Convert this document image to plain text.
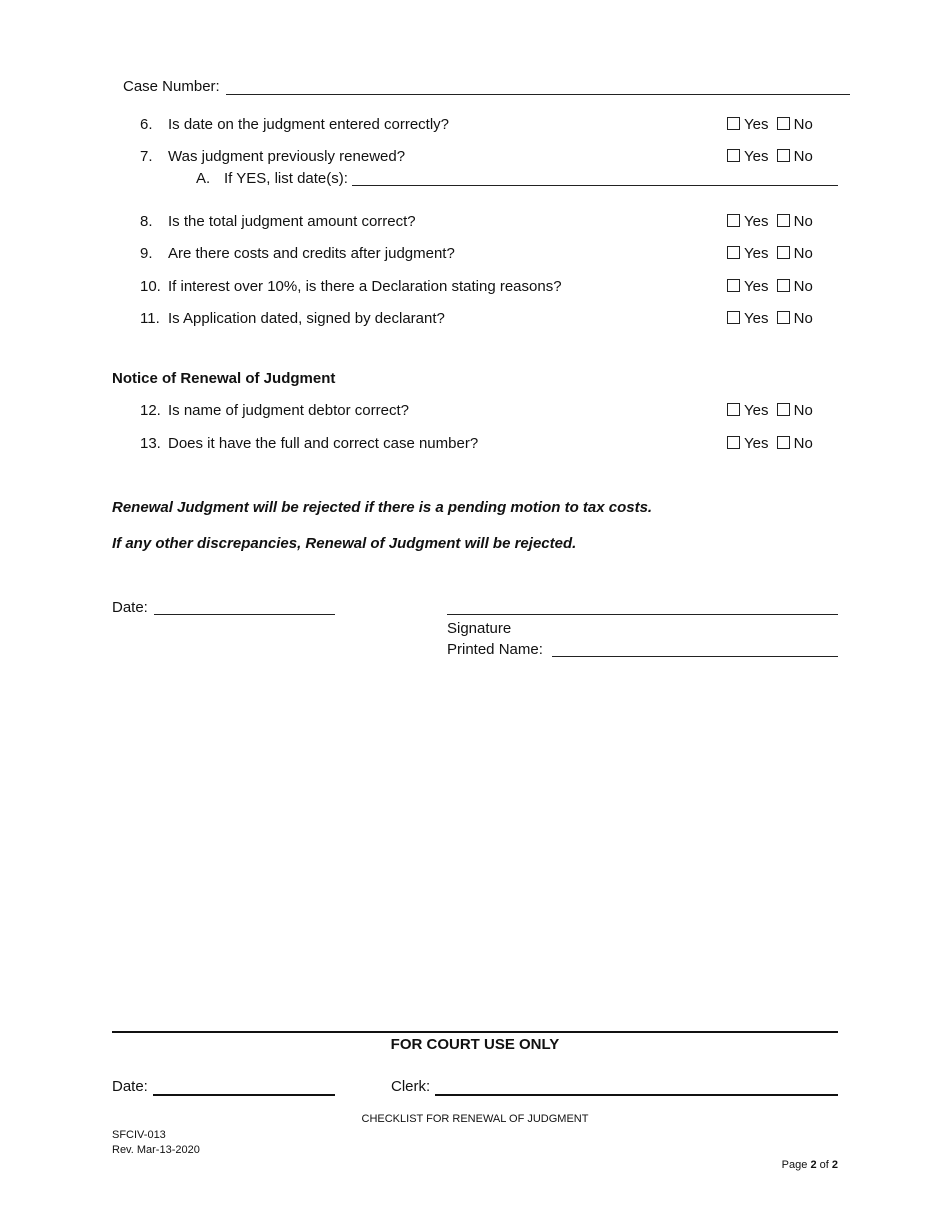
Case Number:
6. Is date on the judgment entered correctly?	Yes No
7. Was judgment previously renewed?	Yes No
A. If YES, list date(s):
8. Is the total judgment amount correct?	Yes No
9. Are there costs and credits after judgment?	Yes No
10. If interest over 10%, is there a Declaration stating reasons?	Yes No
11. Is Application dated, signed by declarant?	Yes No
Notice of Renewal of Judgment
12. Is name of judgment debtor correct?	Yes No
13. Does it have the full and correct case number?	Yes No
Renewal Judgment will be rejected if there is a pending motion to tax costs.
If any other discrepancies, Renewal of Judgment will be rejected.
Date:
Signature
Printed Name:
FOR COURT USE ONLY
Date:	Clerk:
CHECKLIST FOR RENEWAL OF JUDGMENT
SFCIV-013
Rev. Mar-13-2020
Page 2 of 2
